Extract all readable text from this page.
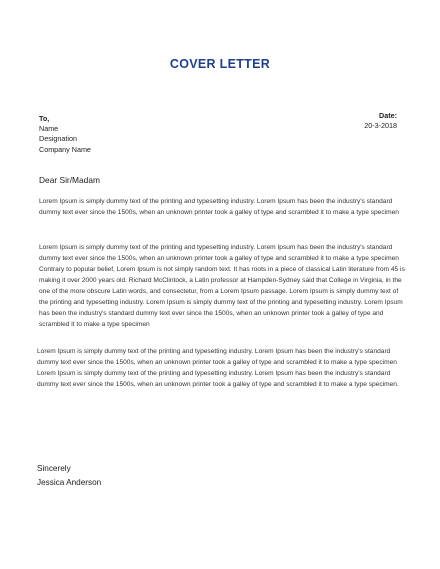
COVER LETTER
To,
Name
Designation
Company Name
Date:
20-3-2018
Dear Sir/Madam

Lorem Ipsum is simply dummy text of the printing and typesetting industry. Lorem Ipsum has been the industry's standard dummy text ever since the 1500s, when an unknown printer took a galley of type and scrambled it to make a type specimen

Lorem Ipsum is simply dummy text of the printing and typesetting industry. Lorem Ipsum has been the industry's standard dummy text ever since the 1500s, when an unknown printer took a galley of type and scrambled it to make a type specimen Contrary to popular belief, Lorem Ipsum is not simply random text. It has roots in a piece of classical Latin literature from 45 is making it over 2000 years old. Richard McClintock, a Latin professor at Hampden-Sydney said that College in Virginia, in the one of the more obscure Latin words, and consectetur, from a Lorem Ipsum passage. Lorem Ipsum is simply dummy text of the printing and typesetting industry. Lorem Ipsum is simply dummy text of the printing and typesetting industry. Lorem Ipsum has been the industry's standard dummy text ever since the 1500s, when an unknown printer took a galley of type and scrambled it to make a type specimen

Lorem Ipsum is simply dummy text of the printing and typesetting industry. Lorem Ipsum has been the industry's standard dummy text ever since the 1500s, when an unknown printer took a galley of type and scrambled it to make a type specimen Lorem Ipsum is simply dummy text of the printing and typesetting industry. Lorem Ipsum has been the industry's standard dummy text ever since the 1500s, when an unknown printer took a galley of type and scrambled it to make a type specimen.

Sincerely
Jessica Anderson
